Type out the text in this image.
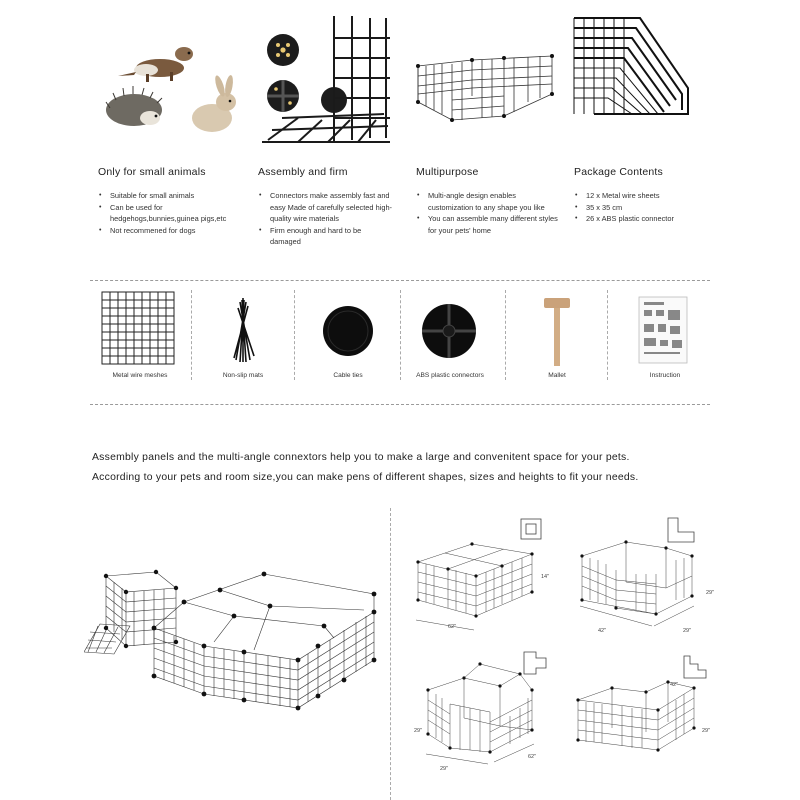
Only for small animals
• Suitable for small animals
• Can be used for hedgehogs,bunnies,guinea pigs,etc
• Not recommened for dogs
Assembly and firm
• Connectors make assembly fast and easy Made of carefully selected high-quality wire materials
• Firm enough and hard to be damaged
Multipurpose
• Multi-angle design enables customization to any shape you like
• You can assemble many different styles for your pets' home
Package Contents
• 12 x Metal wire sheets
• 35 x 35 cm
• 26 x ABS plastic connector
Metal wire meshes	Non-slip mats	Cable ties	ABS plastic connectors	Mallet	Instruction
Assembly panels and the multi-angle connextors help you to make a large and convenitent space for your pets.
According to your pets and room size,you can make pens of different shapes, sizes and heights to fit your needs.
62"
14"
42"	29"
29"
29"
29"
62"
42"
29"
